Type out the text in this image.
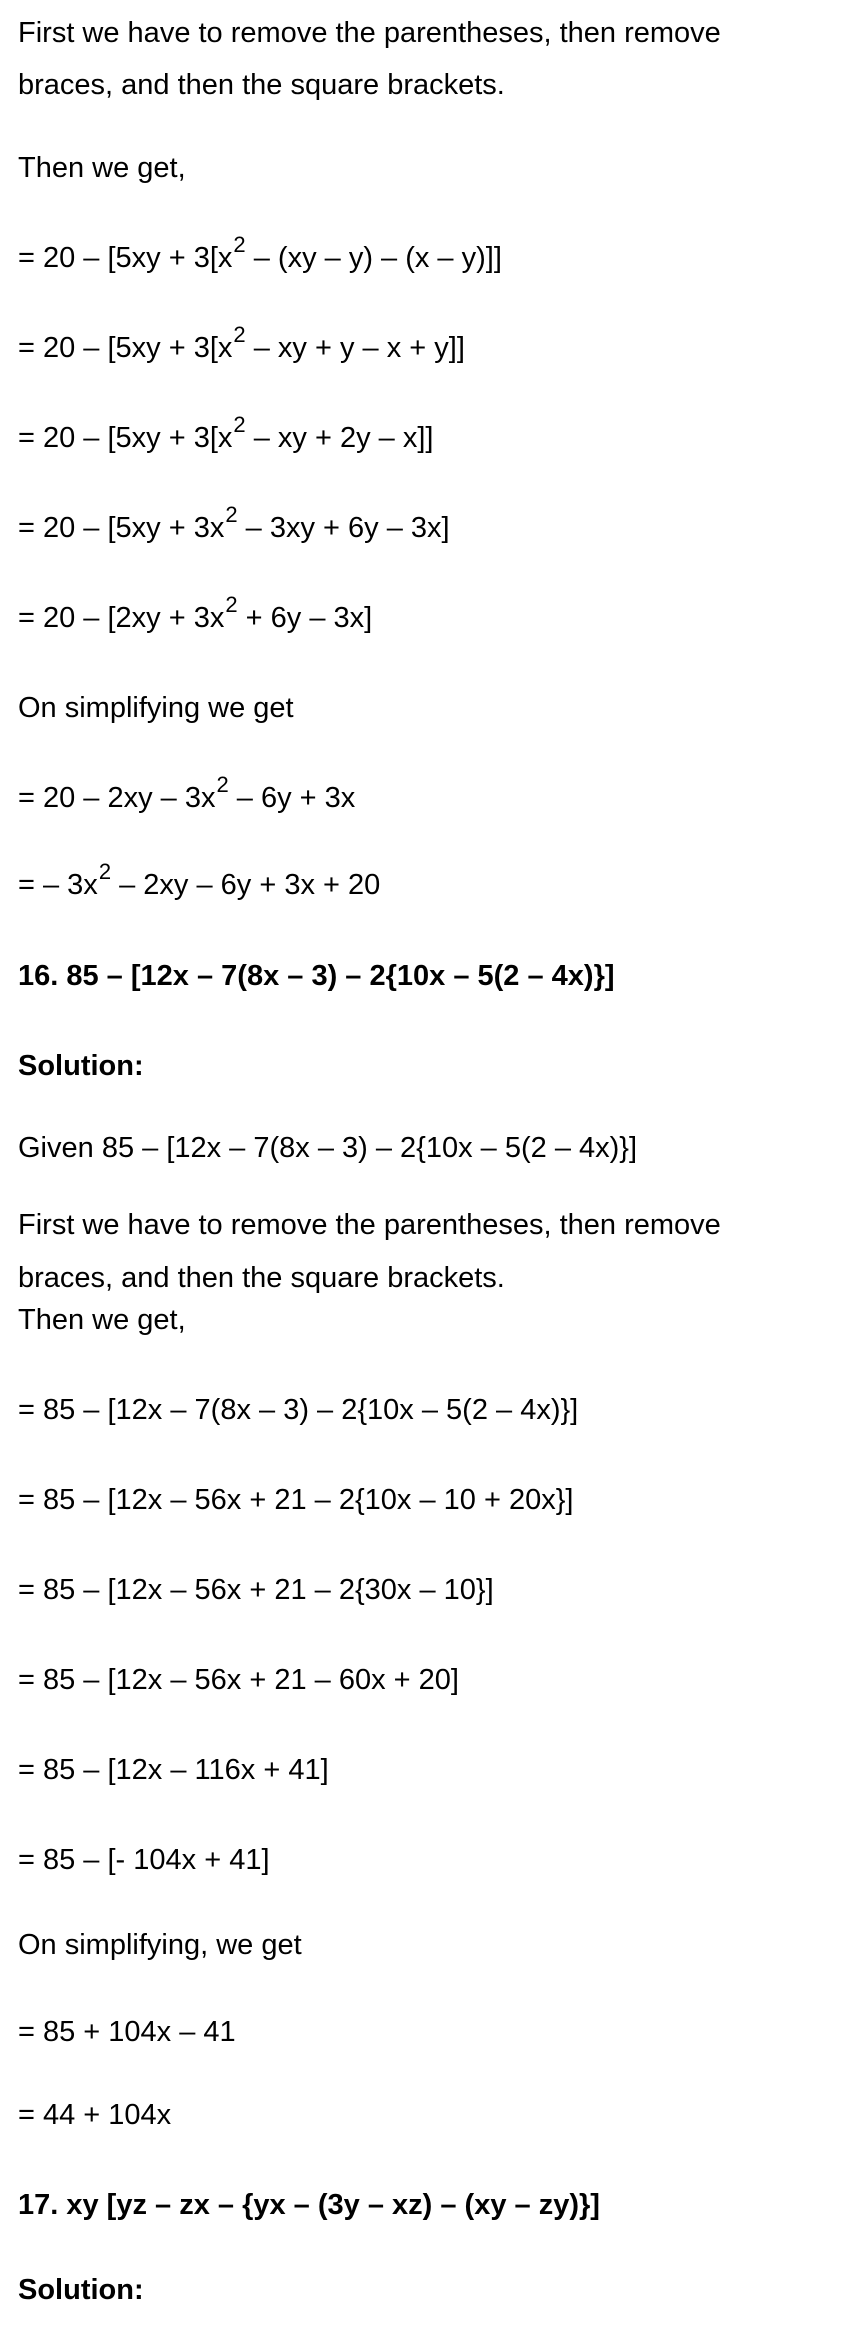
First we have to remove the parentheses, then remove
braces, and then the square brackets.
Then we get,
= $20 - [5xy + 3[x^2 - (xy - y) - (x - y)]]$
= $20 - [5xy + 3[x^2$ – xy + y – x + y]]
= $20 - [5xy + 3[x^2$ – xy + 2y – x]]
= $20 - [5xy + 3x^2 - 3xy + 6y - 3x]$
= $20 - [2xy + 3x^2 + 6y - 3x]$
On simplifying we get
= $20 - 2xy - 3x^2 - 6y + 3x$
= – $3x^2 - 2xy - 6y + 3x + 20$
16. 85 – [12x – 7(8x – 3) – 2{10x – 5(2 – 4x)}]
Solution:
Given 85 – [12x – 7(8x – 3) – 2{10x – 5(2 – 4x)}]
First we have to remove the parentheses, then remove
braces, and then the square brackets.
Then we get,
= 85 – [12x – 7(8x – 3) – 2{10x – 5(2 – 4x)}]
= 85 – [12x – 56x + 21 – 2{10x – 10 + 20x}]
= 85 – [12x – 56x + 21 – 2{30x – 10}]
= 85 – [12x – 56x + 21 – 60x + 20]
= 85 – [12x – 116x + 41]
= 85 – [- 104x + 41]
On simplifying, we get
= 85 + 104x – 41
= 44 + 104x
17. xy [yz – zx – {yx – (3y – xz) – (xy – zy)}]
Solution:
